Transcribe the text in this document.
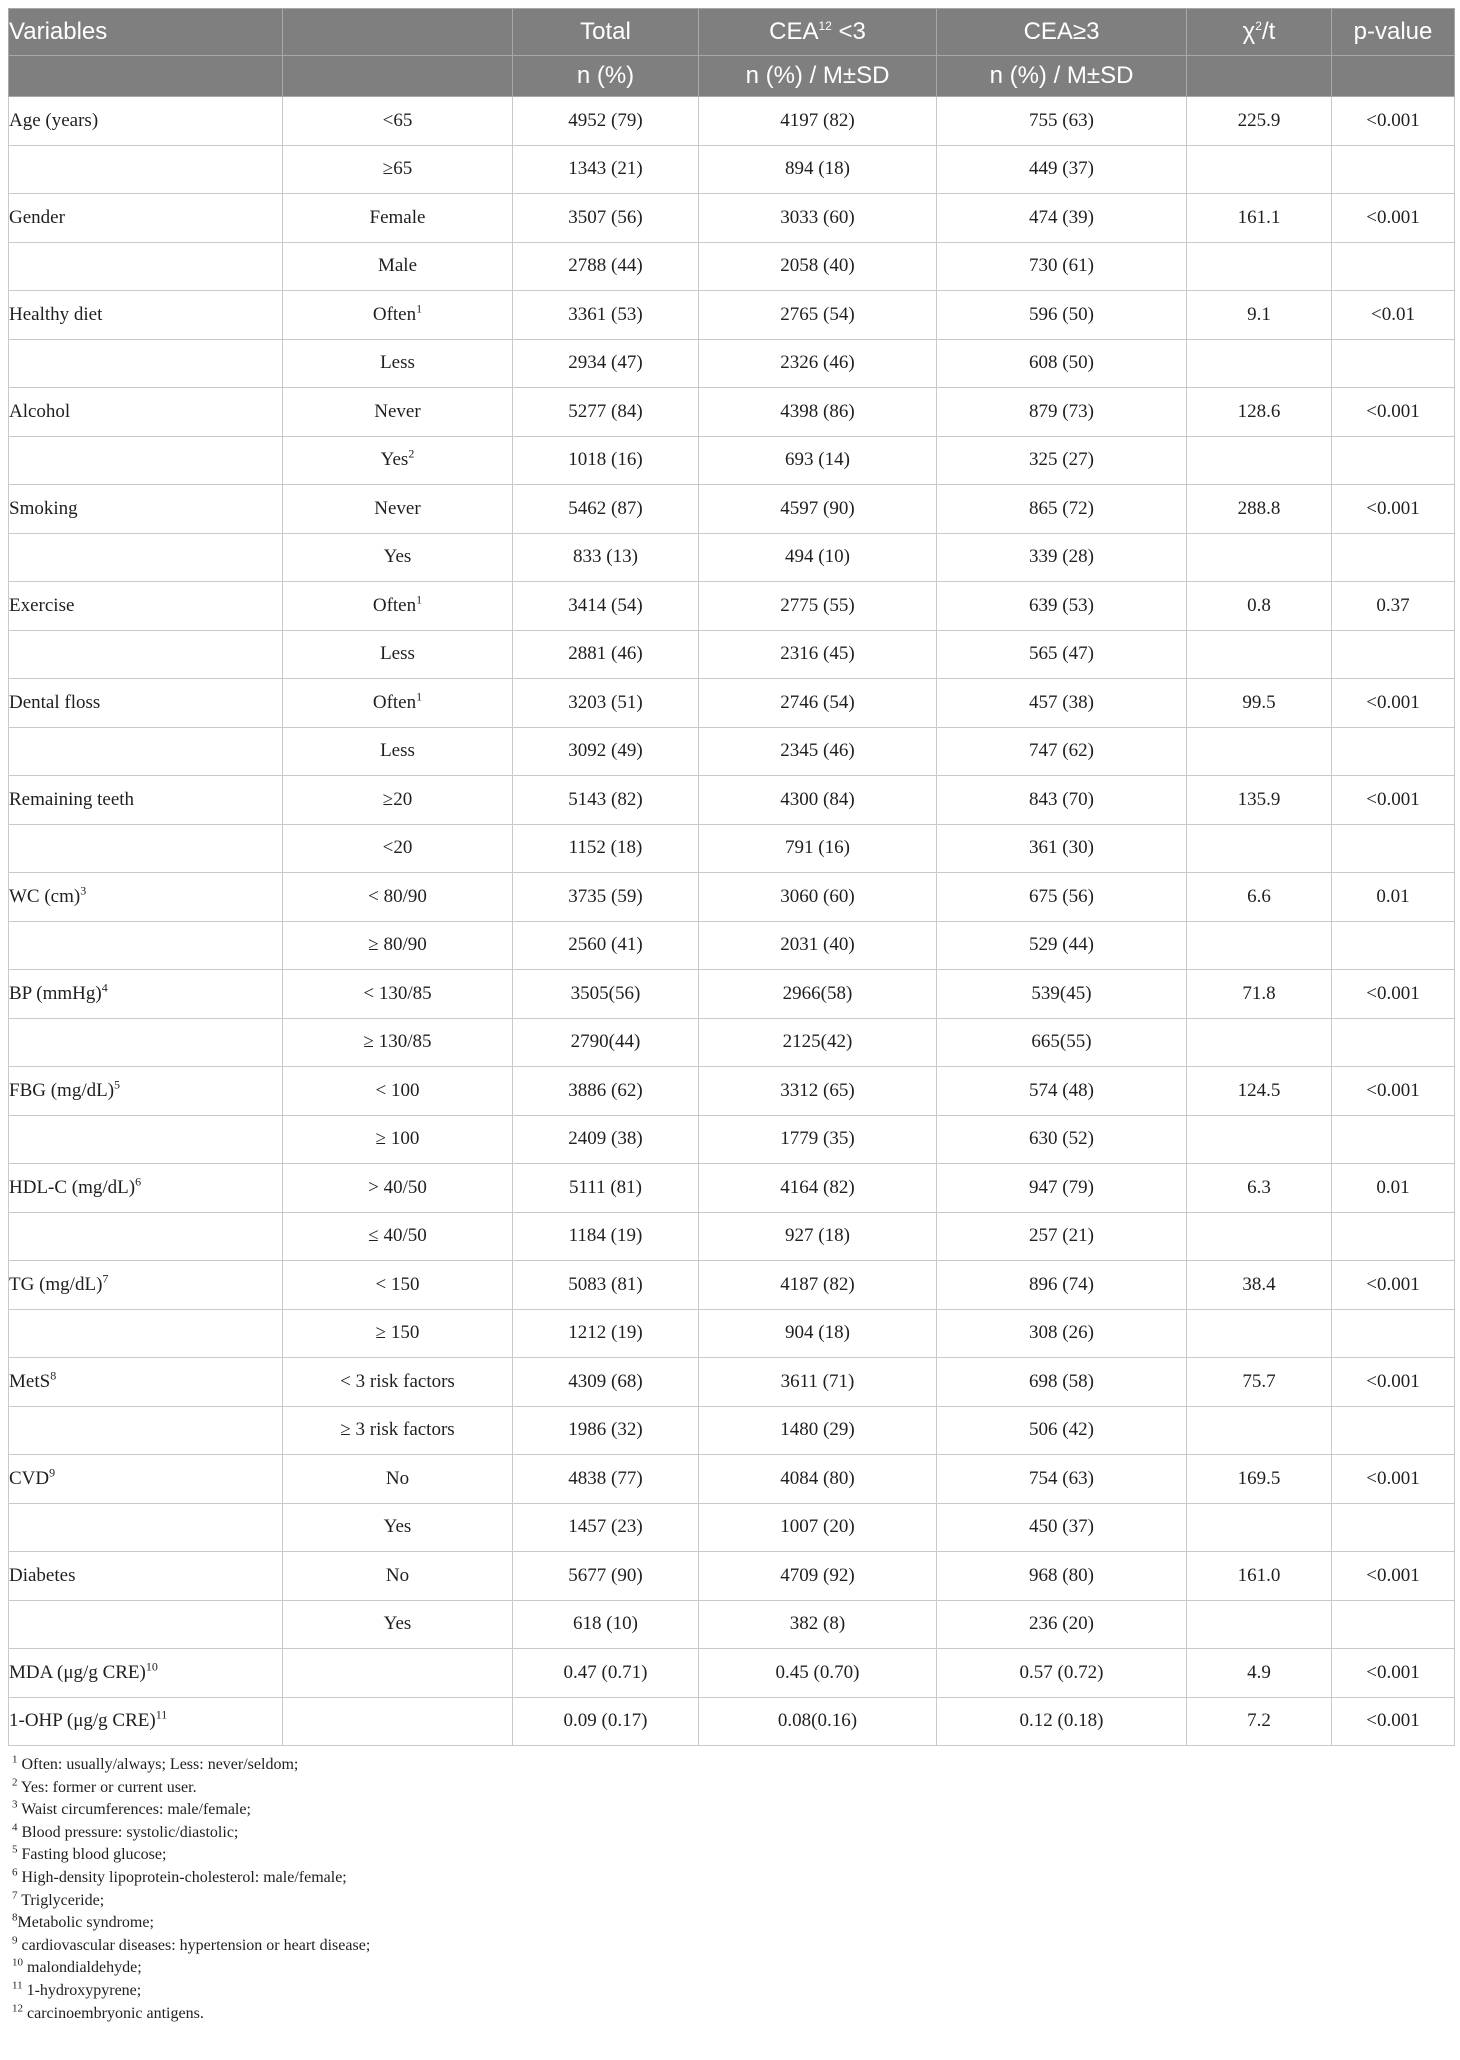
Variables		Total	$CEA^{12} <3$	CEA≥3	$\chi^2/t$	p-value
		n (%)	n (%) / M±SD	n (%) / M±SD		
Age (years)	<65	4952 (79)	4197 (82)	755 (63)	225.9	<0.001
	≥65	1343 (21)	894 (18)	449 (37)		
Gender	Female	3507 (56)	3033 (60)	474 (39)	161.1	<0.001
	Male	2788 (44)	2058 (40)	730 (61)		
Healthy diet	Often$^1$	3361 (53)	2765 (54)	596 (50)	9.1	<0.01
	Less	2934 (47)	2326 (46)	608 (50)		
Alcohol	Never	5277 (84)	4398 (86)	879 (73)	128.6	<0.001
	Yes$^2$	1018 (16)	693 (14)	325 (27)		
Smoking	Never	5462 (87)	4597 (90)	865 (72)	288.8	<0.001
	Yes	833 (13)	494 (10)	339 (28)		
Exercise	Often$^1$	3414 (54)	2775 (55)	639 (53)	0.8	0.37
	Less	2881 (46)	2316 (45)	565 (47)		
Dental floss	Often$^1$	3203 (51)	2746 (54)	457 (38)	99.5	<0.001
	Less	3092 (49)	2345 (46)	747 (62)		
Remaining teeth	≥20	5143 (82)	4300 (84)	843 (70)	135.9	<0.001
	<20	1152 (18)	791 (16)	361 (30)		
WC (cm)$^3$	< 80/90	3735 (59)	3060 (60)	675 (56)	6.6	0.01
	≥ 80/90	2560 (41)	2031 (40)	529 (44)		
BP (mmHg)$^4$	< 130/85	3505(56)	2966(58)	539(45)	71.8	<0.001
	≥ 130/85	2790(44)	2125(42)	665(55)		
FBG $(mg/dL)^5$	< 100	3886 (62)	3312 (65)	574 (48)	124.5	<0.001
	≥ 100	2409 (38)	1779 (35)	630 (52)		
HDL-C $(mg/dL)^6$	> 40/50	5111 (81)	4164 (82)	947 (79)	6.3	0.01
	≤ 40/50	1184 (19)	927 (18)	257 (21)		
TG $(mg/dL)^7$	< 150	5083 (81)	4187 (82)	896 (74)	38.4	<0.001
	≥ 150	1212 (19)	904 (18)	308 (26)		
MetS$^8$	< 3 risk factors	4309 (68)	3611 (71)	698 (58)	75.7	<0.001
	≥ 3 risk factors	1986 (32)	1480 (29)	506 (42)		
CVD$^9$	No	4838 (77)	4084 (80)	754 (63)	169.5	<0.001
	Yes	1457 (23)	1007 (20)	450 (37)		
Diabetes	No	5677 (90)	4709 (92)	968 (80)	161.0	<0.001
	Yes	618 (10)	382 (8)	236 (20)		
MDA (μg/g CRE)$^{10}$		0.47 (0.71)	0.45 (0.70)	0.57 (0.72)	4.9	<0.001
1-OHP (μg/g CRE)$^{11}$		0.09 (0.17)	0.08(0.16)	0.12 (0.18)	7.2	<0.001
$^1$ Often: usually/always; Less: never/seldom;
$^2$ Yes: former or current user.
$^3$ Waist circumferences: male/female;
$^4$ Blood pressure: systolic/diastolic;
$^5$ Fasting blood glucose;
$^6$ High-density lipoprotein-cholesterol: male/female;
$^7$ Triglyceride;
$^8$Metabolic syndrome;
$^9$ cardiovascular diseases: hypertension or heart disease;
$^{10}$ malondialdehyde;
$^{11}$ 1-hydroxypyrene;
$^{12}$ carcinoembryonic antigens.
